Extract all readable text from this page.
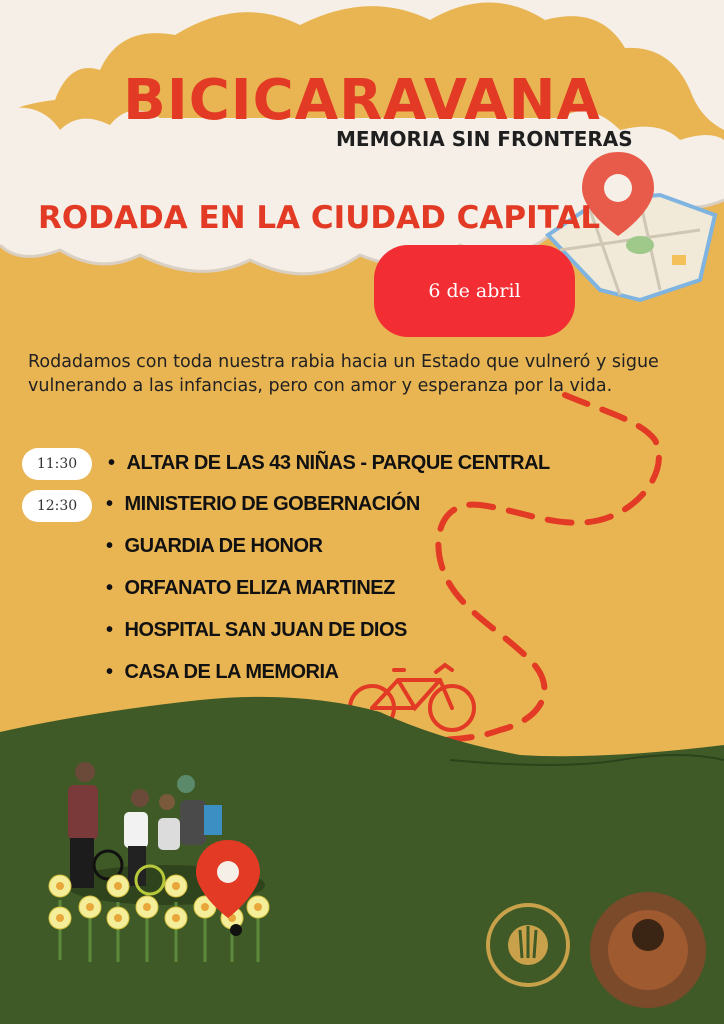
BICICARAVANA
MEMORIA SIN FRONTERAS
RODADA EN LA CIUDAD CAPITAL
6 de abril
Rodadamos con toda nuestra rabia hacia un Estado que vulneró y sigue vulnerando a las infancias, pero con amor y esperanza por la vida.
11:30
12:30
• ALTAR DE LAS 43 NIÑAS - PARQUE CENTRAL
• MINISTERIO DE GOBERNACIÓN
• GUARDIA DE HONOR
• ORFANATO ELIZA MARTINEZ
• HOSPITAL SAN JUAN DE DIOS
• CASA DE LA MEMORIA
